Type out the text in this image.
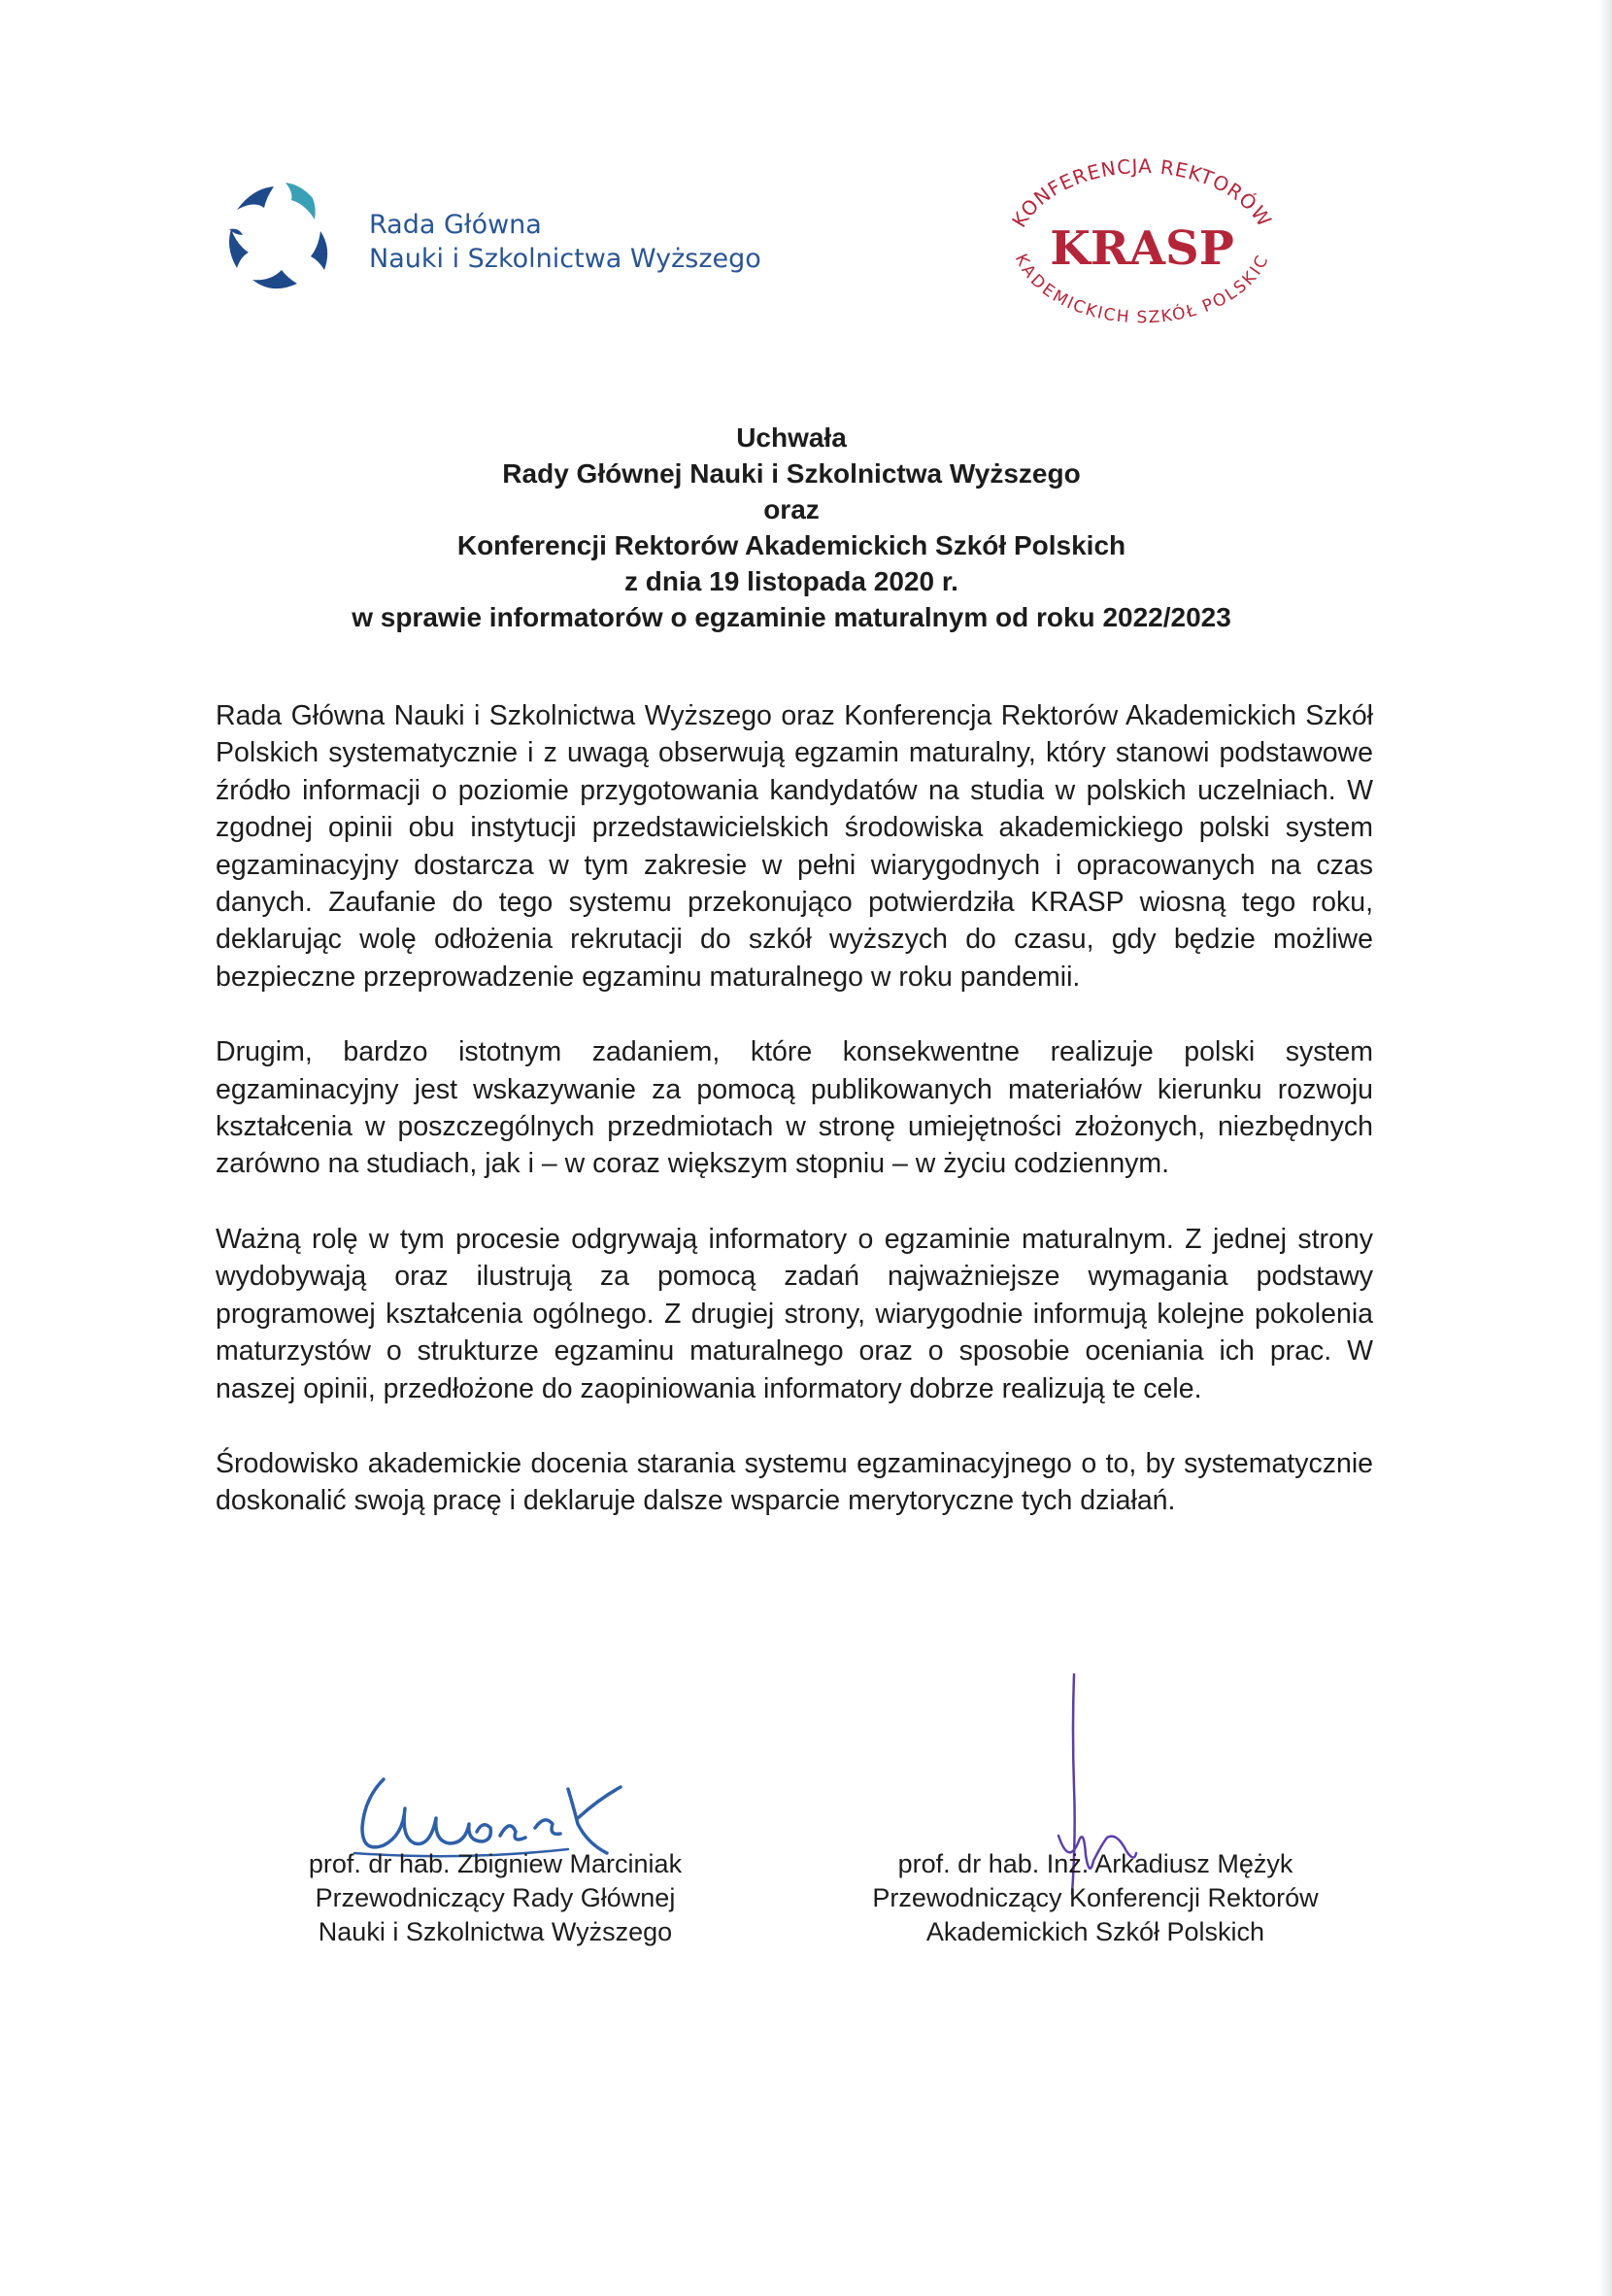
Rada Główna
Nauki i Szkolnictwa Wyższego
KONFERENCJA REKTORÓW
KADEMICKICH SZKÓŁ POLSKIC
KRASP
Uchwała
Rady Głównej Nauki i Szkolnictwa Wyższego
oraz
Konferencji Rektorów Akademickich Szkół Polskich
z dnia 19 listopada 2020 r.
w sprawie informatorów o egzaminie maturalnym od roku 2022/2023

Rada Główna Nauki i Szkolnictwa Wyższego oraz Konferencja Rektorów Akademickich Szkół Polskich systematycznie i z uwagą obserwują egzamin maturalny, który stanowi podstawowe źródło informacji o poziomie przygotowania kandydatów na studia w polskich uczelniach. W zgodnej opinii obu instytucji przedstawicielskich środowiska akademickiego polski system egzaminacyjny dostarcza w tym zakresie w pełni wiarygodnych i opracowanych na czas danych. Zaufanie do tego systemu przekonująco potwierdziła KRASP wiosną tego roku, deklarując wolę odłożenia rekrutacji do szkół wyższych do czasu, gdy będzie możliwe bezpieczne przeprowadzenie egzaminu maturalnego w roku pandemii.

Drugim, bardzo istotnym zadaniem, które konsekwentne realizuje polski system egzaminacyjny jest wskazywanie za pomocą publikowanych materiałów kierunku rozwoju kształcenia w poszczególnych przedmiotach w stronę umiejętności złożonych, niezbędnych zarówno na studiach, jak i – w coraz większym stopniu – w życiu codziennym.

Ważną rolę w tym procesie odgrywają informatory o egzaminie maturalnym. Z jednej strony wydobywają oraz ilustrują za pomocą zadań najważniejsze wymagania podstawy programowej kształcenia ogólnego. Z drugiej strony, wiarygodnie informują kolejne pokolenia maturzystów o strukturze egzaminu maturalnego oraz o sposobie oceniania ich prac. W naszej opinii, przedłożone do zaopiniowania informatory dobrze realizują te cele.

Środowisko akademickie docenia starania systemu egzaminacyjnego o to, by systematycznie doskonalić swoją pracę i deklaruje dalsze wsparcie merytoryczne tych działań.

prof. dr hab. Zbigniew Marciniak
Przewodniczący Rady Głównej
Nauki i Szkolnictwa Wyższego
prof. dr hab. Inż. Arkadiusz Mężyk
Przewodniczący Konferencji Rektorów
Akademickich Szkół Polskich
